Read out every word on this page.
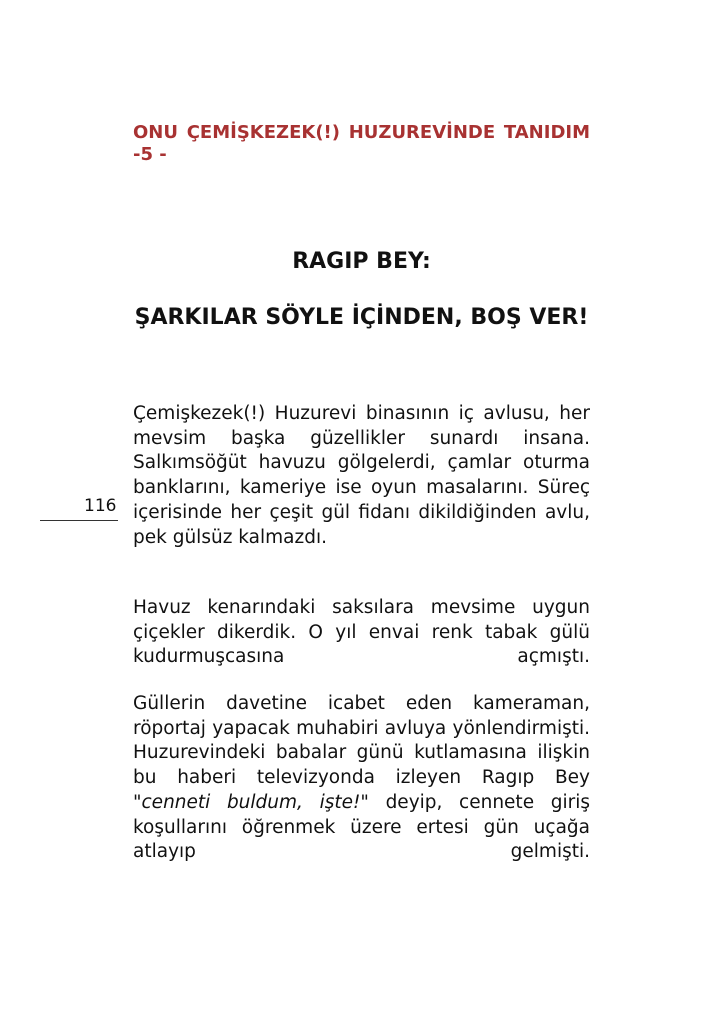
ONU ÇEMİŞKEZEK(!) HUZUREVİNDE TANIDIM -5 -
RAGIP BEY:
ŞARKILAR SÖYLE İÇİNDEN, BOŞ VER!
116

Çemişkezek(!) Huzurevi binasının iç avlusu, her mevsim başka güzellikler sunardı insana. Salkımsöğüt havuzu gölgelerdi, çamlar oturma banklarını, kameriye ise oyun masalarını. Süreç içerisinde her çeşit gül fidanı dikildiğinden avlu, pek gülsüz kalmazdı.

Havuz kenarındaki saksılara mevsime uygun çiçekler dikerdik. O yıl envai renk tabak gülü kudurmuşcasına açmıştı.

Güllerin davetine icabet eden kameraman, röportaj yapacak muhabiri avluya yönlendirmişti. Huzurevindeki babalar günü kutlamasına ilişkin bu haberi televizyonda izleyen Ragıp Bey "cenneti buldum, işte!" deyip, cennete giriş koşullarını öğrenmek üzere ertesi gün uçağa atlayıp gelmişti.
